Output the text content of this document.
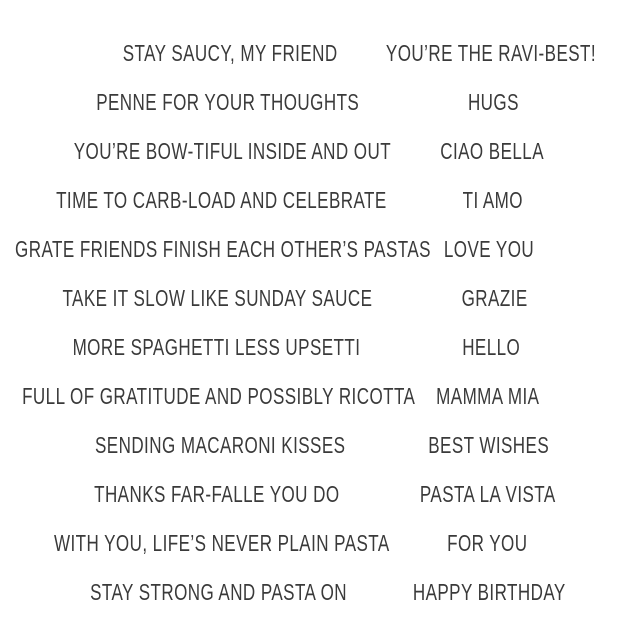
STAY SAUCY, MY FRIEND
PENNE FOR YOUR THOUGHTS
YOU’RE BOW-TIFUL INSIDE AND OUT
TIME TO CARB-LOAD AND CELEBRATE
GRATE FRIENDS FINISH EACH OTHER’S PASTAS
TAKE IT SLOW LIKE SUNDAY SAUCE
MORE SPAGHETTI LESS UPSETTI
FULL OF GRATITUDE AND POSSIBLY RICOTTA
SENDING MACARONI KISSES
THANKS FAR-FALLE YOU DO
WITH YOU, LIFE’S NEVER PLAIN PASTA
STAY STRONG AND PASTA ON
YOU’RE THE RAVI-BEST!
HUGS
CIAO BELLA
TI AMO
LOVE YOU
GRAZIE
HELLO
MAMMA MIA
BEST WISHES
PASTA LA VISTA
FOR YOU
HAPPY BIRTHDAY
